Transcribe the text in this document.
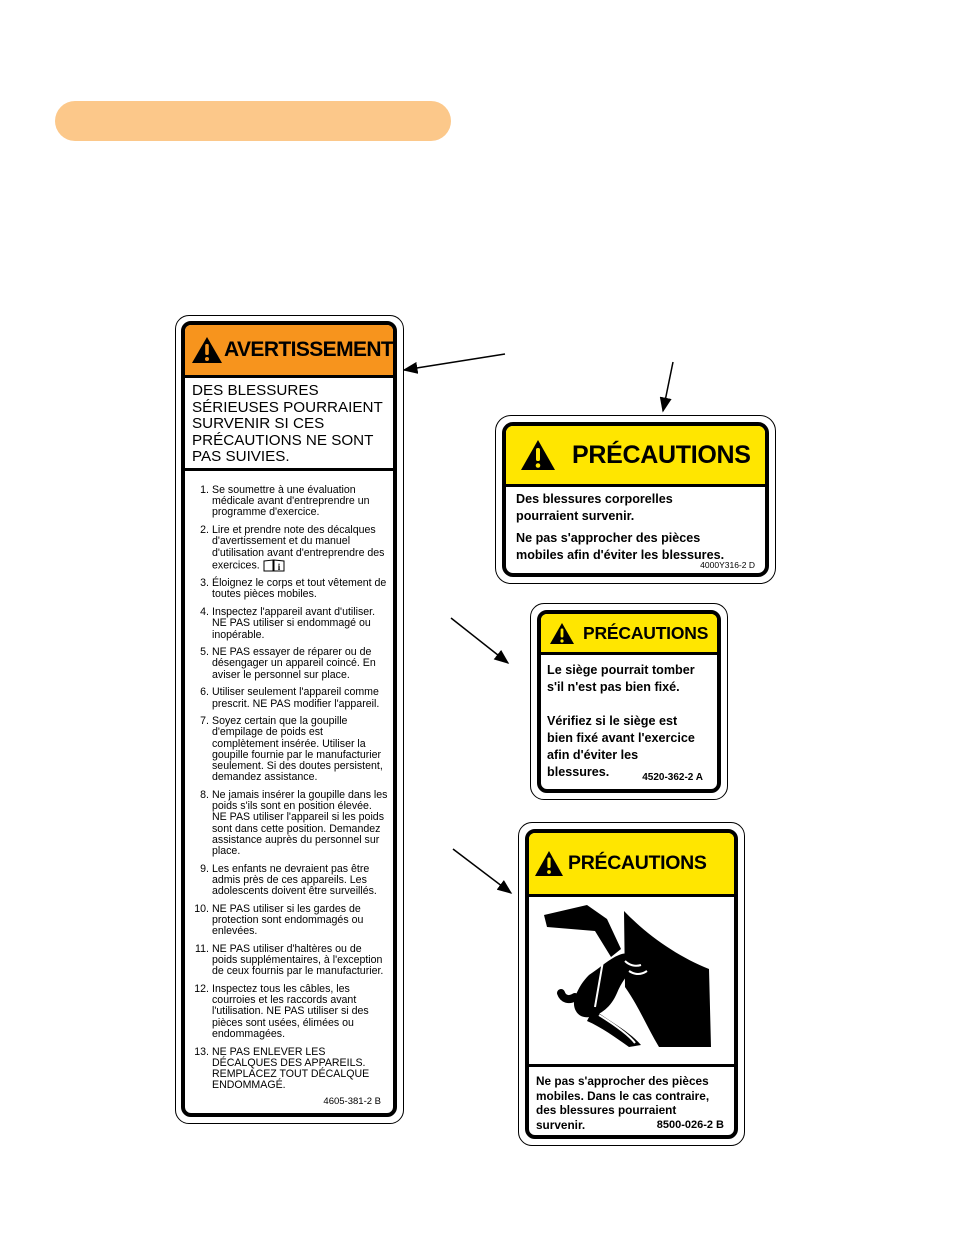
AVERTISSEMENT
DES BLESSURES
SÉRIEUSES POURRAIENT
SURVENIR SI CES
PRÉCAUTIONS NE SONT
PAS SUIVIES.
1. Se soumettre à une évaluation médicale avant d'entreprendre un programme d'exercice.
2. Lire et prendre note des décalques d'avertissement et du manuel d'utilisation avant d'entreprendre des exercices. i
3. Éloignez le corps et tout vêtement de toutes pièces mobiles.
4. Inspectez l'appareil avant d'utiliser. NE PAS utiliser si endommagé ou inopérable.
5. NE PAS essayer de réparer ou de désengager un appareil coincé. En aviser le personnel sur place.
6. Utiliser seulement l'appareil comme prescrit. NE PAS modifier l'appareil.
7. Soyez certain que la goupille d'empilage de poids est complètement insérée. Utiliser la goupille fournie par le manufacturier seulement. Si des doutes persistent, demandez assistance.
8. Ne jamais insérer la goupille dans les poids s'ils sont en position élevée. NE PAS utiliser l'appareil si les poids sont dans cette position. Demandez assistance auprès du personnel sur place.
9. Les enfants ne devraient pas être admis près de ces appareils. Les adolescents doivent être surveillés.
10. NE PAS utiliser si les gardes de protection sont endommagés ou enlevées.
11. NE PAS utiliser d'haltères ou de poids supplémentaires, à l'exception de ceux fournis par le manufacturier.
12. Inspectez tous les câbles, les courroies et les raccords avant l'utilisation. NE PAS utiliser si des pièces sont usées, élimées ou endommagées.
13. NE PAS ENLEVER LES DÉCALQUES DES APPAREILS. REMPLACEZ TOUT DÉCALQUE ENDOMMAGÉ.
4605-381-2 B
PRÉCAUTIONS
Des blessures corporelles
pourraient survenir.
Ne pas s'approcher des pièces
mobiles afin d'éviter les blessures.
4000Y316-2 D
PRÉCAUTIONS
Le siège pourrait tomber
s'il n'est pas bien fixé.
Vérifiez si le siège est
bien fixé avant l'exercice
afin d'éviter les
blessures.	4520-362-2 A
PRÉCAUTIONS
Ne pas s'approcher des pièces
mobiles. Dans le cas contraire,
des blessures pourraient
survenir.	8500-026-2 B
